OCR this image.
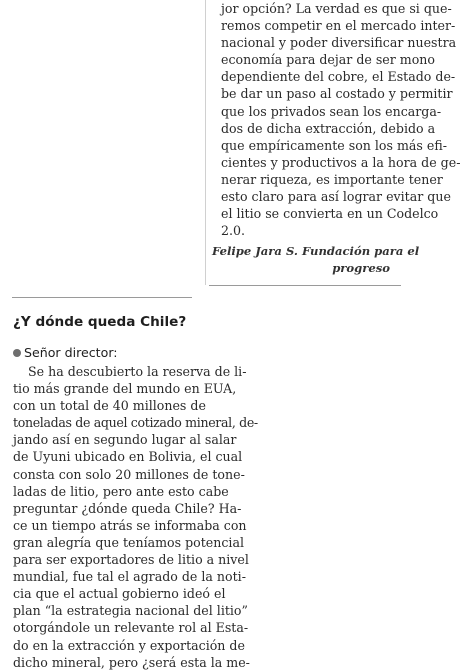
jor opción? La verdad es que si que-
remos competir en el mercado inter-
nacional y poder diversificar nuestra
economía para dejar de ser mono
dependiente del cobre, el Estado de-
be dar un paso al costado y permitir
que los privados sean los encarga-
dos de dicha extracción, debido a
que empíricamente son los más efi-
cientes y productivos a la hora de ge-
nerar riqueza, es importante tener
esto claro para así lograr evitar que
el litio se convierta en un Codelco
2.0.
Felipe Jara S. Fundación para el
progreso
¿Y dónde queda Chile?
Señor director:
Se ha descubierto la reserva de li-
tio más grande del mundo en EUA,
con un total de 40 millones de
toneladas de aquel cotizado mineral, de-
jando así en segundo lugar al salar
de Uyuni ubicado en Bolivia, el cual
consta con solo 20 millones de tone-
ladas de litio, pero ante esto cabe
preguntar ¿dónde queda Chile? Ha-
ce un tiempo atrás se informaba con
gran alegría que teníamos potencial
para ser exportadores de litio a nivel
mundial, fue tal el agrado de la noti-
cia que el actual gobierno ideó el
plan “la estrategia nacional del litio”
otorgándole un relevante rol al Esta-
do en la extracción y exportación de
dicho mineral, pero ¿será esta la me-
